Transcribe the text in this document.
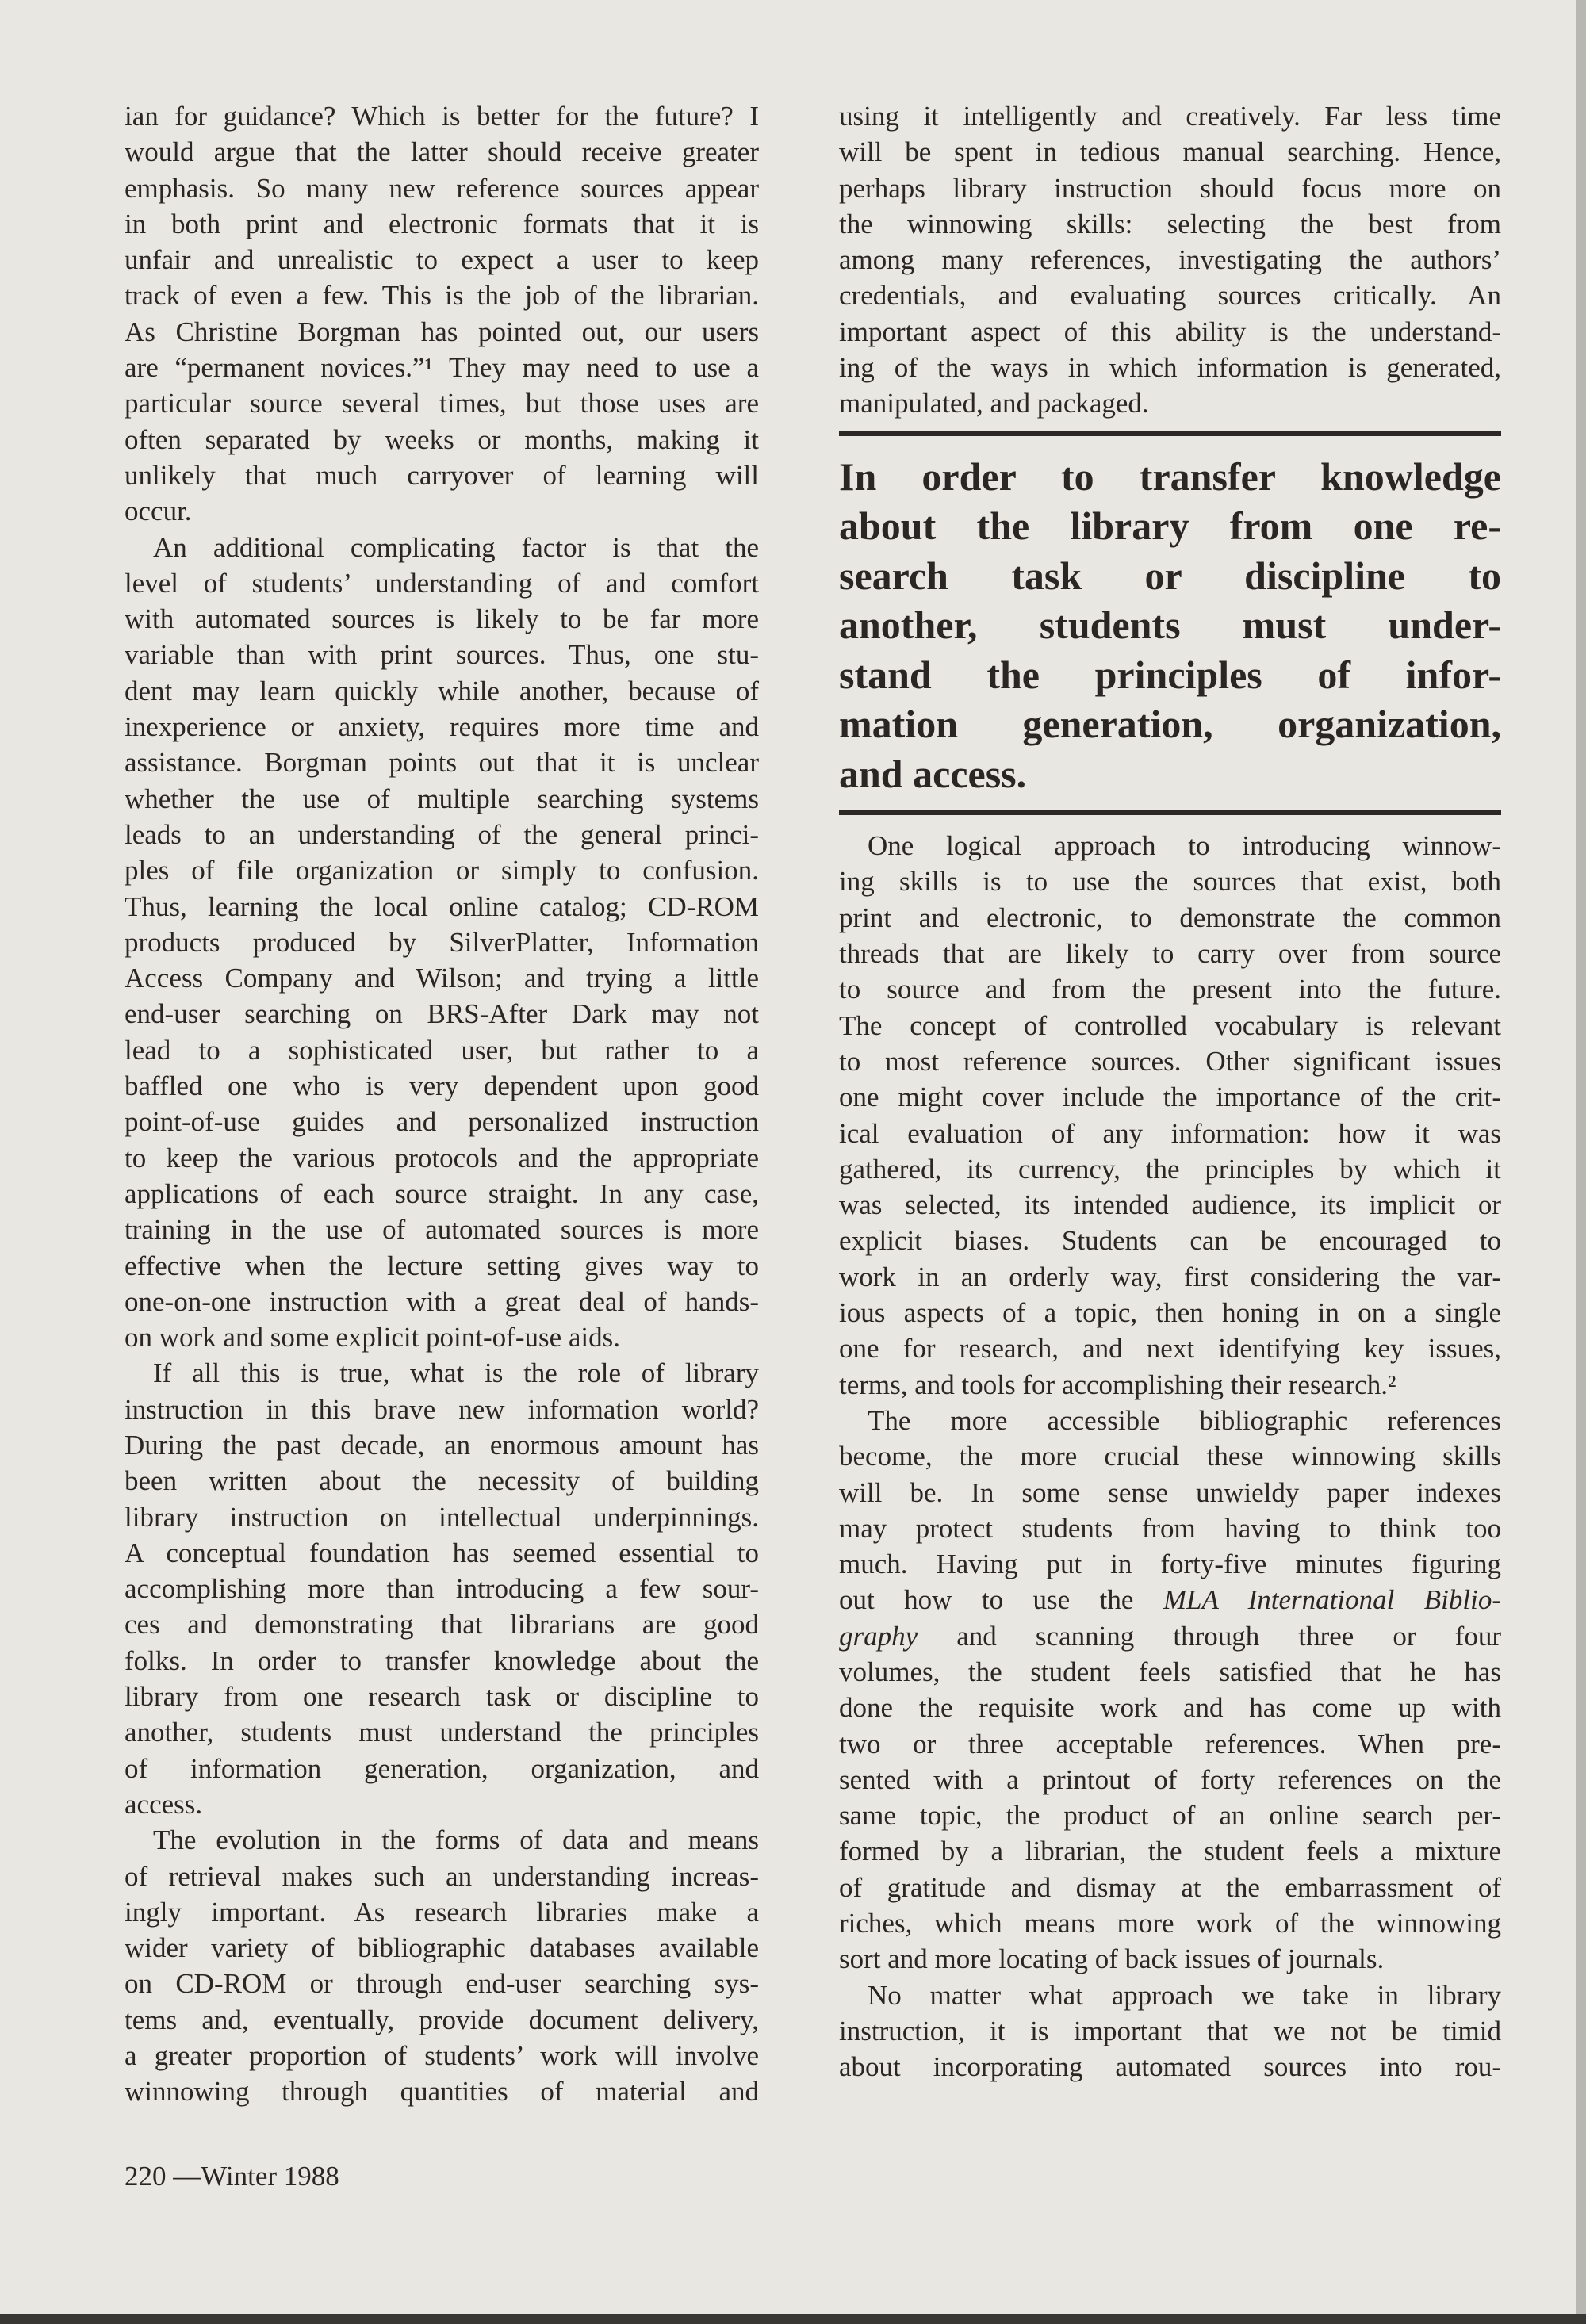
ian for guidance? Which is better for the future? I
would argue that the latter should receive greater
emphasis. So many new reference sources appear
in both print and electronic formats that it is
unfair and unrealistic to expect a user to keep
track of even a few. This is the job of the librarian.
As Christine Borgman has pointed out, our users
are “permanent novices.”¹ They may need to use a
particular source several times, but those uses are
often separated by weeks or months, making it
unlikely that much carryover of learning will
occur.
An additional complicating factor is that the
level of students’ understanding of and comfort
with automated sources is likely to be far more
variable than with print sources. Thus, one stu-
dent may learn quickly while another, because of
inexperience or anxiety, requires more time and
assistance. Borgman points out that it is unclear
whether the use of multiple searching systems
leads to an understanding of the general princi-
ples of file organization or simply to confusion.
Thus, learning the local online catalog; CD-ROM
products produced by SilverPlatter, Information
Access Company and Wilson; and trying a little
end-user searching on BRS-After Dark may not
lead to a sophisticated user, but rather to a
baffled one who is very dependent upon good
point-of-use guides and personalized instruction
to keep the various protocols and the appropriate
applications of each source straight. In any case,
training in the use of automated sources is more
effective when the lecture setting gives way to
one-on-one instruction with a great deal of hands-
on work and some explicit point-of-use aids.
If all this is true, what is the role of library
instruction in this brave new information world?
During the past decade, an enormous amount has
been written about the necessity of building
library instruction on intellectual underpinnings.
A conceptual foundation has seemed essential to
accomplishing more than introducing a few sour-
ces and demonstrating that librarians are good
folks. In order to transfer knowledge about the
library from one research task or discipline to
another, students must understand the principles
of information generation, organization, and
access.
The evolution in the forms of data and means
of retrieval makes such an understanding increas-
ingly important. As research libraries make a
wider variety of bibliographic databases available
on CD-ROM or through end-user searching sys-
tems and, eventually, provide document delivery,
a greater proportion of students’ work will involve
winnowing through quantities of material and
using it intelligently and creatively. Far less time
will be spent in tedious manual searching. Hence,
perhaps library instruction should focus more on
the winnowing skills: selecting the best from
among many references, investigating the authors’
credentials, and evaluating sources critically. An
important aspect of this ability is the understand-
ing of the ways in which information is generated,
manipulated, and packaged.
In order to transfer knowledge
about the library from one re-
search task or discipline to
another, students must under-
stand the principles of infor-
mation generation, organization,
and access.
One logical approach to introducing winnow-
ing skills is to use the sources that exist, both
print and electronic, to demonstrate the common
threads that are likely to carry over from source
to source and from the present into the future.
The concept of controlled vocabulary is relevant
to most reference sources. Other significant issues
one might cover include the importance of the crit-
ical evaluation of any information: how it was
gathered, its currency, the principles by which it
was selected, its intended audience, its implicit or
explicit biases. Students can be encouraged to
work in an orderly way, first considering the var-
ious aspects of a topic, then honing in on a single
one for research, and next identifying key issues,
terms, and tools for accomplishing their research.²
The more accessible bibliographic references
become, the more crucial these winnowing skills
will be. In some sense unwieldy paper indexes
may protect students from having to think too
much. Having put in forty-five minutes figuring
out how to use the MLA International Biblio-
graphy and scanning through three or four
volumes, the student feels satisfied that he has
done the requisite work and has come up with
two or three acceptable references. When pre-
sented with a printout of forty references on the
same topic, the product of an online search per-
formed by a librarian, the student feels a mixture
of gratitude and dismay at the embarrassment of
riches, which means more work of the winnowing
sort and more locating of back issues of journals.
No matter what approach we take in library
instruction, it is important that we not be timid
about incorporating automated sources into rou-
220 —Winter 1988
